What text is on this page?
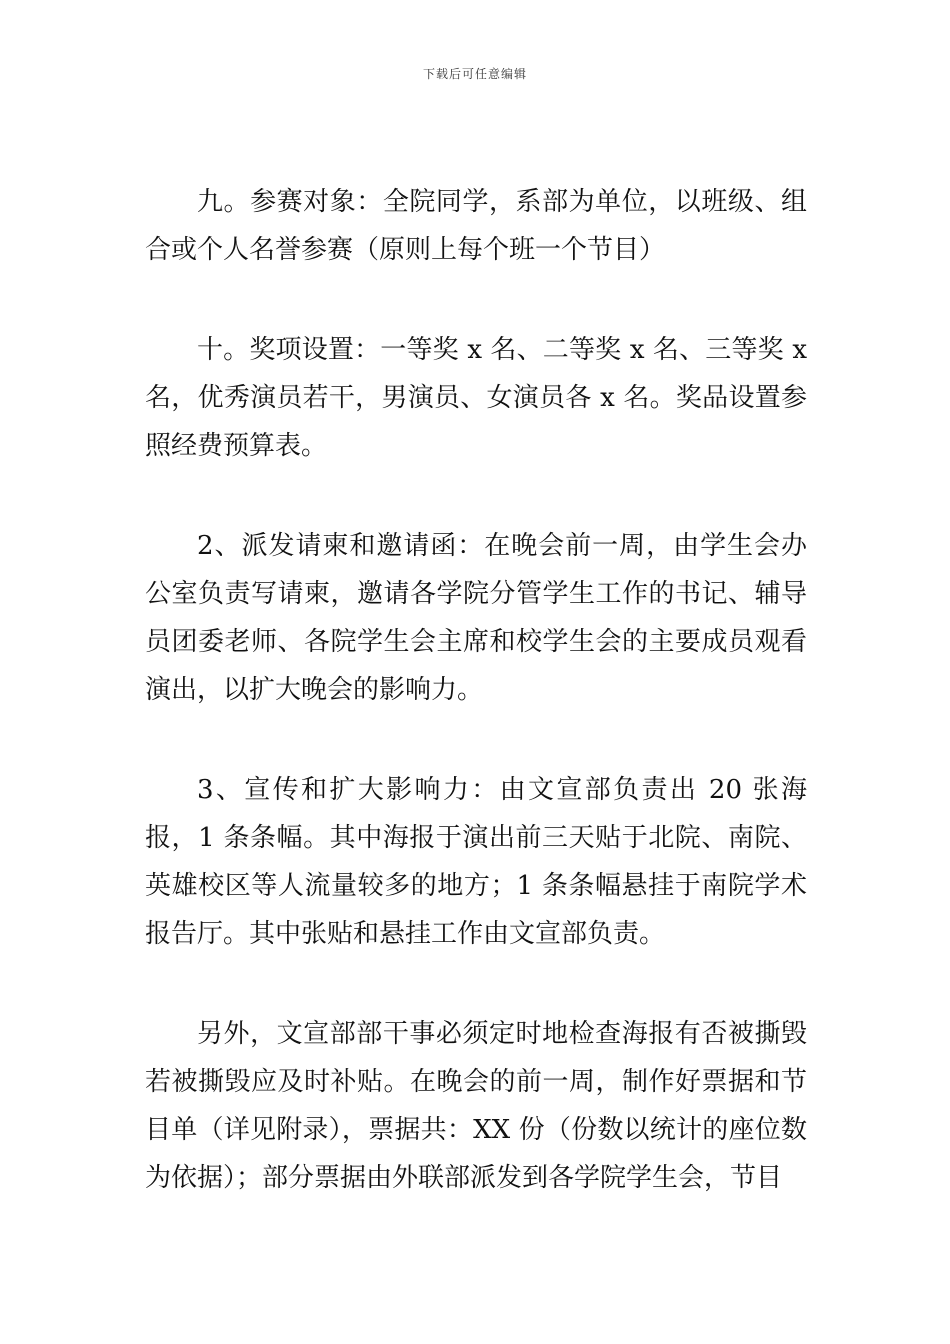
下载后可任意编辑

九。参赛对象：全院同学，系部为单位，以班级、组合或个人名誉参赛（原则上每个班一个节目）

十。奖项设置：一等奖 x 名、二等奖 x 名、三等奖 x 名，优秀演员若干，男演员、女演员各 x 名。奖品设置参照经费预算表。

2、派发请柬和邀请函：在晚会前一周，由学生会办公室负责写请柬，邀请各学院分管学生工作的书记、辅导员团委老师、各院学生会主席和校学生会的主要成员观看演出，以扩大晚会的影响力。

3、宣传和扩大影响力：由文宣部负责出 20 张海报，1 条条幅。其中海报于演出前三天贴于北院、南院、英雄校区等人流量较多的地方；1 条条幅悬挂于南院学术报告厅。其中张贴和悬挂工作由文宣部负责。

另外，文宣部部干事必须定时地检查海报有否被撕毁若被撕毁应及时补贴。在晚会的前一周，制作好票据和节目单（详见附录），票据共：XX 份（份数以统计的座位数为依据）；部分票据由外联部派发到各学院学生会，节目
